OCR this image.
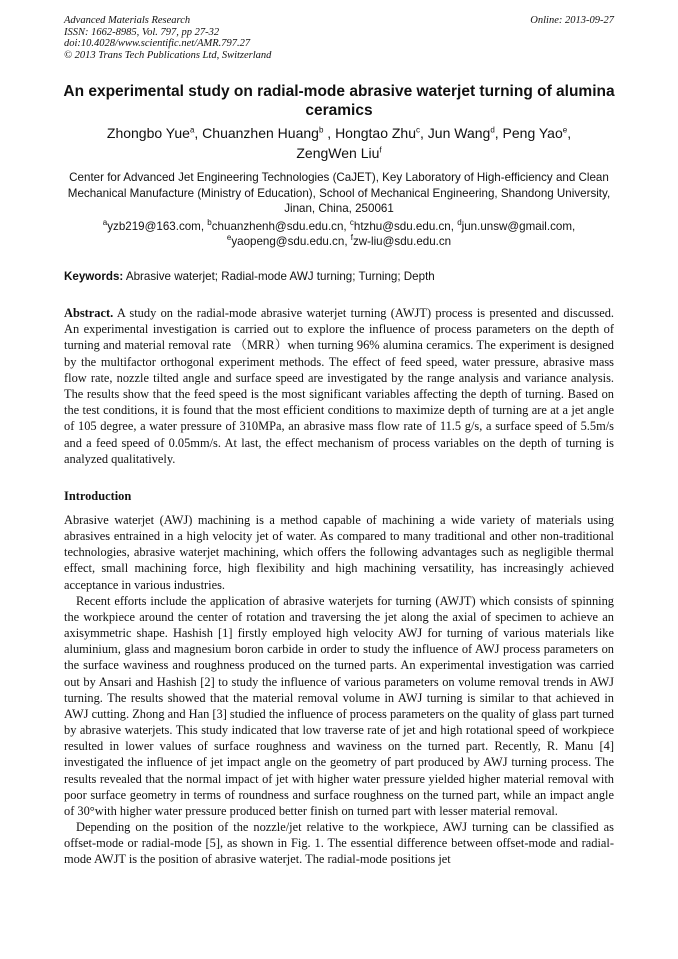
Advanced Materials Research
ISSN: 1662-8985, Vol. 797, pp 27-32
doi:10.4028/www.scientific.net/AMR.797.27
© 2013 Trans Tech Publications Ltd, Switzerland
Online: 2013-09-27
An experimental study on radial-mode abrasive waterjet turning of alumina ceramics
Zhongbo Yue$^a$, Chuanzhen Huang$^b$ , Hongtao Zhu$^c$, Jun Wang$^d$, Peng Yao$^e$,
ZengWen Liu$^f$
Center for Advanced Jet Engineering Technologies (CaJET), Key Laboratory of High-efficiency and Clean Mechanical Manufacture (Ministry of Education), School of Mechanical Engineering, Shandong University, Jinan, China, 250061
$^a$yzb219@163.com, $^b$chuanzhenh@sdu.edu.cn, $^c$htzhu@sdu.edu.cn, $^d$jun.unsw@gmail.com,
$^e$yaopeng@sdu.edu.cn, $^f$zw-liu@sdu.edu.cn
Keywords: Abrasive waterjet; Radial-mode AWJ turning; Turning; Depth
Abstract. A study on the radial-mode abrasive waterjet turning (AWJT) process is presented and discussed. An experimental investigation is carried out to explore the influence of process parameters on the depth of turning and material removal rate （MRR）when turning 96% alumina ceramics. The experiment is designed by the multifactor orthogonal experiment methods. The effect of feed speed, water pressure, abrasive mass flow rate, nozzle tilted angle and surface speed are investigated by the range analysis and variance analysis. The results show that the feed speed is the most significant variables affecting the depth of turning. Based on the test conditions, it is found that the most efficient conditions to maximize depth of turning are at a jet angle of 105 degree, a water pressure of 310MPa, an abrasive mass flow rate of 11.5 g/s, a surface speed of 5.5m/s and a feed speed of 0.05mm/s. At last, the effect mechanism of process variables on the depth of turning is analyzed qualitatively.
Introduction

Abrasive waterjet (AWJ) machining is a method capable of machining a wide variety of materials using abrasives entrained in a high velocity jet of water. As compared to many traditional and other non-traditional technologies, abrasive waterjet machining, which offers the following advantages such as negligible thermal effect, small machining force, high flexibility and high machining versatility, has increasingly achieved acceptance in various industries.

Recent efforts include the application of abrasive waterjets for turning (AWJT) which consists of spinning the workpiece around the center of rotation and traversing the jet along the axial of specimen to achieve an axisymmetric shape. Hashish [1] firstly employed high velocity AWJ for turning of various materials like aluminium, glass and magnesium boron carbide in order to study the influence of AWJ process parameters on the surface waviness and roughness produced on the turned parts. An experimental investigation was carried out by Ansari and Hashish [2] to study the influence of various parameters on volume removal trends in AWJ turning. The results showed that the material removal volume in AWJ turning is similar to that achieved in AWJ cutting. Zhong and Han [3] studied the influence of process parameters on the quality of glass part turned by abrasive waterjets. This study indicated that low traverse rate of jet and high rotational speed of workpiece resulted in lower values of surface roughness and waviness on the turned part. Recently, R. Manu [4] investigated the influence of jet impact angle on the geometry of part produced by AWJ turning process. The results revealed that the normal impact of jet with higher water pressure yielded higher material removal with poor surface geometry in terms of roundness and surface roughness on the turned part, while an impact angle of 30°with higher water pressure produced better finish on turned part with lesser material removal.

Depending on the position of the nozzle/jet relative to the workpiece, AWJ turning can be classified as offset-mode or radial-mode [5], as shown in Fig. 1. The essential difference between offset-mode and radial-mode AWJT is the position of abrasive waterjet. The radial-mode positions jet
